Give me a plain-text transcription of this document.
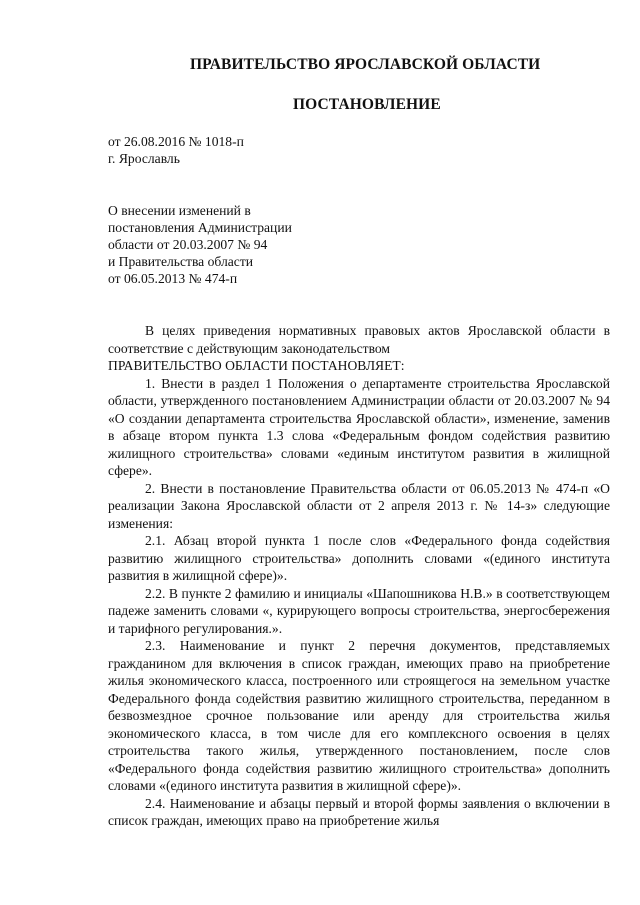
ПРАВИТЕЛЬСТВО ЯРОСЛАВСКОЙ ОБЛАСТИ
ПОСТАНОВЛЕНИЕ
от 26.08.2016 № 1018-п
г. Ярославль
О внесении изменений в
постановления Администрации
области от 20.03.2007 № 94
и Правительства области
от 06.05.2013 № 474-п

В целях приведения нормативных правовых актов Ярославской области в соответствие с действующим законодательством

ПРАВИТЕЛЬСТВО ОБЛАСТИ ПОСТАНОВЛЯЕТ:

1. Внести в раздел 1 Положения о департаменте строительства Ярославской области, утвержденного постановлением Администрации области от 20.03.2007 № 94 «О создании департамента строительства Ярославской области», изменение, заменив в абзаце втором пункта 1.3 слова «Федеральным фондом содействия развитию жилищного строительства» словами «единым институтом развития в жилищной сфере».

2. Внести в постановление Правительства области от 06.05.2013 № 474-п «О реализации Закона Ярославской области от 2 апреля 2013 г. № 14-з» следующие изменения:

2.1. Абзац второй пункта 1 после слов «Федерального фонда содействия развитию жилищного строительства» дополнить словами «(единого института развития в жилищной сфере)».

2.2. В пункте 2 фамилию и инициалы «Шапошникова Н.В.» в соответствующем падеже заменить словами «, курирующего вопросы строительства, энергосбережения и тарифного регулирования.».

2.3. Наименование и пункт 2 перечня документов, представляемых гражданином для включения в список граждан, имеющих право на приобретение жилья экономического класса, построенного или строящегося на земельном участке Федерального фонда содействия развитию жилищного строительства, переданном в безвозмездное срочное пользование или аренду для строительства жилья экономического класса, в том числе для его комплексного освоения в целях строительства такого жилья, утвержденного постановлением, после слов «Федерального фонда содействия развитию жилищного строительства» дополнить словами «(единого института развития в жилищной сфере)».

2.4. Наименование и абзацы первый и второй формы заявления о включении в список граждан, имеющих право на приобретение жилья
